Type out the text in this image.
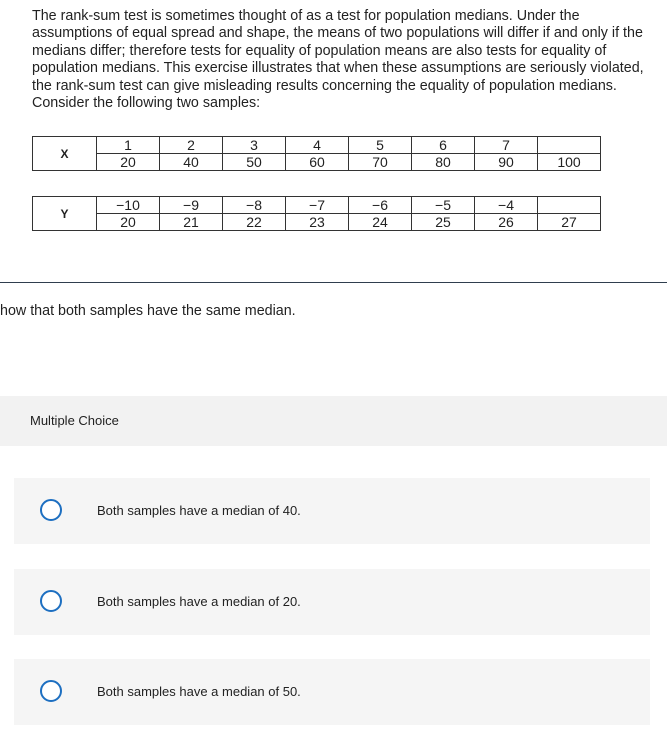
The rank-sum test is sometimes thought of as a test for population medians. Under the assumptions of equal spread and shape, the means of two populations will differ if and only if the medians differ; therefore tests for equality of population means are also tests for equality of population medians. This exercise illustrates that when these assumptions are seriously violated, the rank-sum test can give misleading results concerning the equality of population medians. Consider the following two samples:

X	1	2	3	4	5	6	7	
	20	40	50	60	70	80	90	100
Y	−10	−9	−8	−7	−6	−5	−4	
	20	21	22	23	24	25	26	27

how that both samples have the same median.

Multiple Choice
Both samples have a median of 40.
Both samples have a median of 20.
Both samples have a median of 50.
